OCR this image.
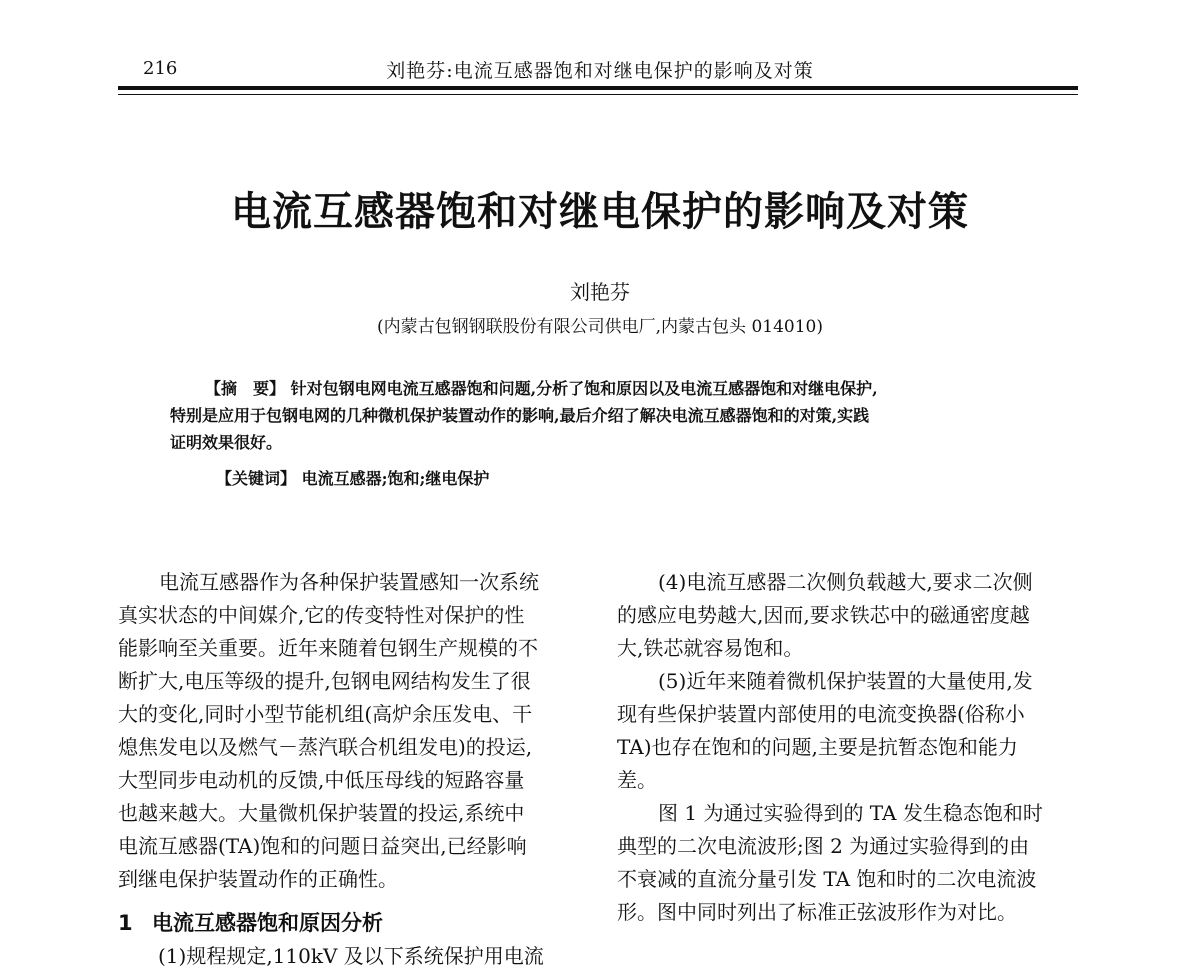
216	刘艳芬:电流互感器饱和对继电保护的影响及对策
电流互感器饱和对继电保护的影响及对策
刘艳芬
(内蒙古包钢钢联股份有限公司供电厂,内蒙古包头 014010)
【摘　要】 针对包钢电网电流互感器饱和问题,分析了饱和原因以及电流互感器饱和对继电保护,
特别是应用于包钢电网的几种微机保护装置动作的影响,最后介绍了解决电流互感器饱和的对策,实践
证明效果很好。
【关键词】 电流互感器;饱和;继电保护
电流互感器作为各种保护装置感知一次系统
真实状态的中间媒介,它的传变特性对保护的性
能影响至关重要。近年来随着包钢生产规模的不
断扩大,电压等级的提升,包钢电网结构发生了很
大的变化,同时小型节能机组(高炉余压发电、干
熄焦发电以及燃气－蒸汽联合机组发电)的投运,
大型同步电动机的反馈,中低压母线的短路容量
也越来越大。大量微机保护装置的投运,系统中
电流互感器(TA)饱和的问题日益突出,已经影响
到继电保护装置动作的正确性。
1 电流互感器饱和原因分析
(1)规程规定,110kV 及以下系统保护用电流
(4)电流互感器二次侧负载越大,要求二次侧
的感应电势越大,因而,要求铁芯中的磁通密度越
大,铁芯就容易饱和。
(5)近年来随着微机保护装置的大量使用,发
现有些保护装置内部使用的电流变换器(俗称小
TA)也存在饱和的问题,主要是抗暂态饱和能力
差。
图 1 为通过实验得到的 TA 发生稳态饱和时
典型的二次电流波形;图 2 为通过实验得到的由
不衰减的直流分量引发 TA 饱和时的二次电流波
形。图中同时列出了标准正弦波形作为对比。
